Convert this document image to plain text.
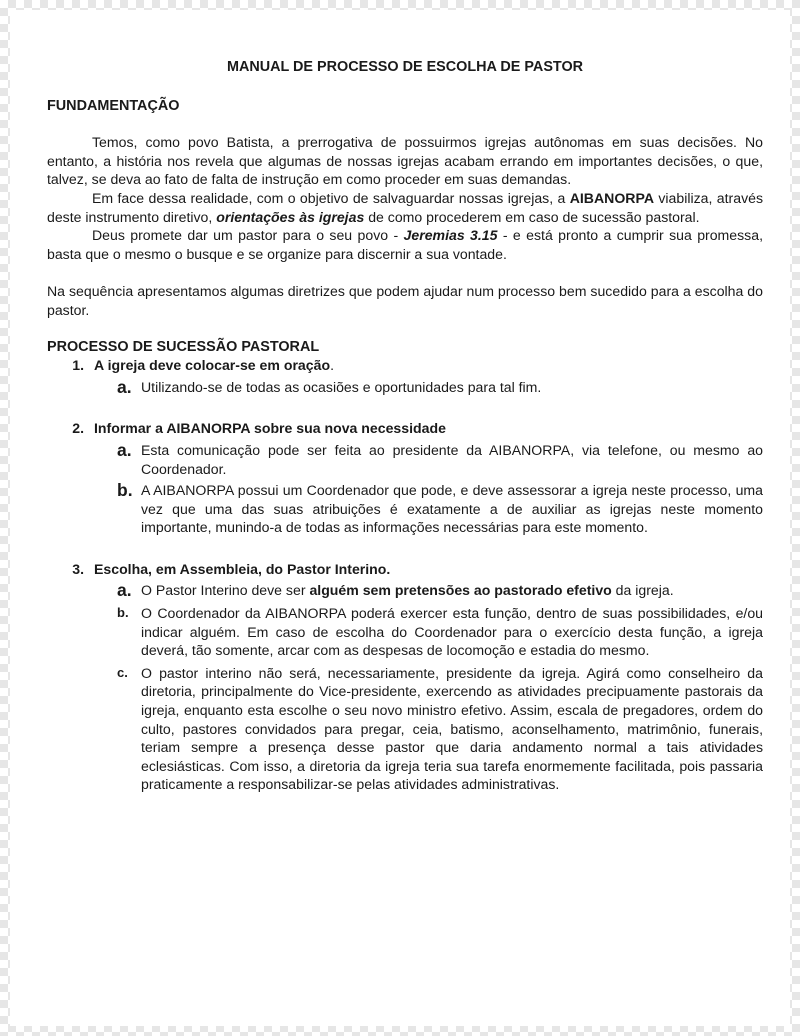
MANUAL DE PROCESSO DE ESCOLHA DE PASTOR

FUNDAMENTAÇÃO

Temos, como povo Batista, a prerrogativa de possuirmos igrejas autônomas em suas decisões. No entanto, a história nos revela que algumas de nossas igrejas acabam errando em importantes decisões, o que, talvez, se deva ao fato de falta de instrução em como proceder em suas demandas.

Em face dessa realidade, com o objetivo de salvaguardar nossas igrejas, a AIBANORPA viabiliza, através deste instrumento diretivo, orientações às igrejas de como procederem em caso de sucessão pastoral.

Deus promete dar um pastor para o seu povo - Jeremias 3.15 - e está pronto a cumprir sua promessa, basta que o mesmo o busque e se organize para discernir a sua vontade.

Na sequência apresentamos algumas diretrizes que podem ajudar num processo bem sucedido para a escolha do pastor.

PROCESSO DE SUCESSÃO PASTORAL

1. A igreja deve colocar-se em oração.
a. Utilizando-se de todas as ocasiões e oportunidades para tal fim.
2. Informar a AIBANORPA sobre sua nova necessidade
a. Esta comunicação pode ser feita ao presidente da AIBANORPA, via telefone, ou mesmo ao Coordenador.
b. A AIBANORPA possui um Coordenador que pode, e deve assessorar a igreja neste processo, uma vez que uma das suas atribuições é exatamente a de auxiliar as igrejas neste momento importante, munindo-a de todas as informações necessárias para este momento.
3. Escolha, em Assembleia, do Pastor Interino.
a. O Pastor Interino deve ser alguém sem pretensões ao pastorado efetivo da igreja.
b. O Coordenador da AIBANORPA poderá exercer esta função, dentro de suas possibilidades, e/ou indicar alguém. Em caso de escolha do Coordenador para o exercício desta função, a igreja deverá, tão somente, arcar com as despesas de locomoção e estadia do mesmo.
c. O pastor interino não será, necessariamente, presidente da igreja. Agirá como conselheiro da diretoria, principalmente do Vice-presidente, exercendo as atividades precipuamente pastorais da igreja, enquanto esta escolhe o seu novo ministro efetivo. Assim, escala de pregadores, ordem do culto, pastores convidados para pregar, ceia, batismo, aconselhamento, matrimônio, funerais, teriam sempre a presença desse pastor que daria andamento normal a tais atividades eclesiásticas. Com isso, a diretoria da igreja teria sua tarefa enormemente facilitada, pois passaria praticamente a responsabilizar-se pelas atividades administrativas.
